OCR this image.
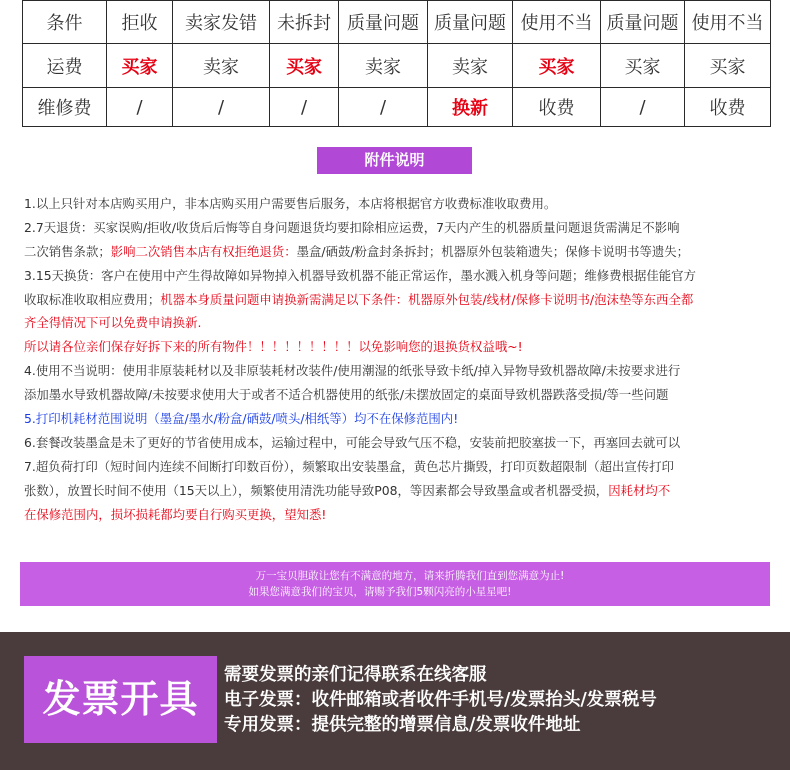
条件	拒收	卖家发错	未拆封	质量问题	质量问题	使用不当	质量问题	使用不当
运费	买家	卖家	买家	卖家	卖家	买家	买家	买家
维修费	/	/	/	/	换新	收费	/	收费
附件说明
1.以上只针对本店购买用户，非本店购买用户需要售后服务，本店将根据官方收费标准收取费用。
2.7天退货：买家误购/拒收/收货后后悔等自身问题退货均要扣除相应运费，7天内产生的机器质量问题退货需满足不影响
二次销售条款；影响二次销售本店有权拒绝退货：墨盒/硒鼓/粉盒封条拆封；机器原外包装箱遗失；保修卡说明书等遗失；
3.15天换货：客户在使用中产生得故障如异物掉入机器导致机器不能正常运作，墨水溅入机身等问题；维修费根据佳能官方
收取标准收取相应费用；机器本身质量问题申请换新需满足以下条件：机器原外包装/线材/保修卡说明书/泡沫垫等东西全都
齐全得情况下可以免费申请换新.
所以请各位亲们保存好拆下来的所有物件！！！！！！！！！以免影响您的退换货权益哦~!
4.使用不当说明：使用非原装耗材以及非原装耗材改装件/使用潮湿的纸张导致卡纸/掉入异物导致机器故障/未按要求进行
添加墨水导致机器故障/未按要求使用大于或者不适合机器使用的纸张/未摆放固定的桌面导致机器跌落受损/等一些问题
5.打印机耗材范围说明（墨盒/墨水/粉盒/硒鼓/喷头/相纸等）均不在保修范围内!
6.套餐改装墨盒是未了更好的节省使用成本，运输过程中，可能会导致气压不稳，安装前把胶塞拔一下，再塞回去就可以
7.超负荷打印（短时间内连续不间断打印数百份），频繁取出安装墨盒，黄色芯片撕毁，打印页数超限制（超出宣传打印
张数），放置长时间不使用（15天以上），频繁使用清洗功能导致P08，等因素都会导致墨盒或者机器受损，因耗材均不
在保修范围内，损坏损耗都均要自行购买更换，望知悉!
万一宝贝胆敢让您有不满意的地方，请来折腾我们直到您满意为止!
如果您满意我们的宝贝，请赐予我们5颗闪亮的小星星吧!
发票开具
需要发票的亲们记得联系在线客服
电子发票：收件邮箱或者收件手机号/发票抬头/发票税号
专用发票：提供完整的增票信息/发票收件地址
